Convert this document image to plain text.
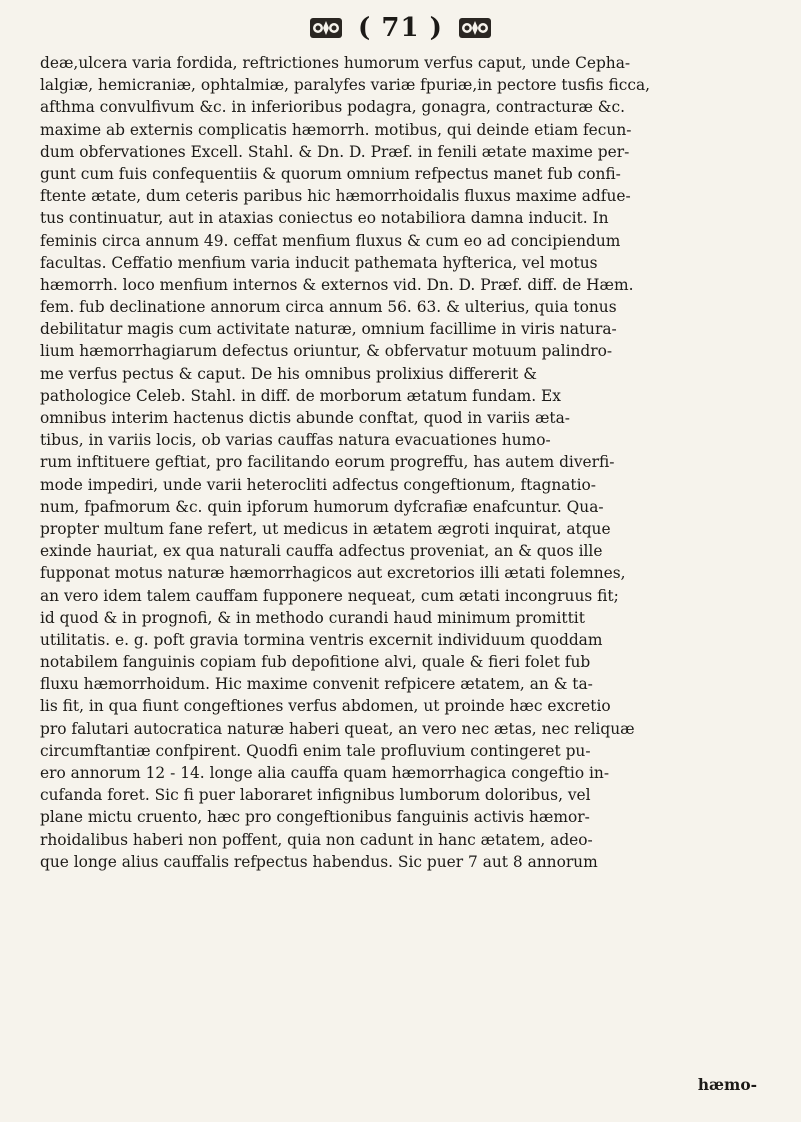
( 71 )
deæ,ulcera varia fordida, reftrictiones humorum verfus caput, unde Cepha-
lalgiæ, hemicraniæ, ophtalmiæ, paralyfes variæ fpuriæ,in pectore tusfis ficca,
afthma convulfivum &c. in inferioribus podagra, gonagra, contracturæ &c.
maxime ab externis complicatis hæmorrh. motibus, qui deinde etiam fecun-
dum obfervationes Excell. Stahl. & Dn. D. Præf. in fenili ætate maxime per-
gunt cum fuis confequentiis & quorum omnium refpectus manet fub confi-
ftente ætate, dum ceteris paribus hic hæmorrhoidalis fluxus maxime adfue-
tus continuatur, aut in ataxias coniectus eo notabiliora damna inducit. In
feminis circa annum 49. ceffat menfium fluxus & cum eo ad concipiendum
facultas. Ceffatio menfium varia inducit pathemata hyfterica, vel motus
hæmorrh. loco menfium internos & externos vid. Dn. D. Præf. diff. de Hæm.
fem. fub declinatione annorum circa annum 56. 63. & ulterius, quia tonus
debilitatur magis cum activitate naturæ, omnium facillime in viris natura-
lium hæmorrhagiarum defectus oriuntur, & obfervatur motuum palindro-
me verfus pectus & caput. De his omnibus prolixius differerit &
pathologice Celeb. Stahl. in diff. de morborum ætatum fundam. Ex
omnibus interim hactenus dictis abunde conftat, quod in variis æta-
tibus, in variis locis, ob varias cauffas natura evacuationes humo-
rum inftituere geftiat, pro facilitando eorum progreffu, has autem diverfi-
mode impediri, unde varii heterocliti adfectus congeftionum, ftagnatio-
num, fpafmorum &c. quin ipforum humorum dyfcrafiæ enafcuntur. Qua-
propter multum fane refert, ut medicus in ætatem ægroti inquirat, atque
exinde hauriat, ex qua naturali cauffa adfectus proveniat, an & quos ille
fupponat motus naturæ hæmorrhagicos aut excretorios illi ætati folemnes,
an vero idem talem cauffam fupponere nequeat, cum ætati incongruus fit;
id quod & in prognofi, & in methodo curandi haud minimum promittit
utilitatis. e. g. poft gravia tormina ventris excernit individuum quoddam
notabilem fanguinis copiam fub depofitione alvi, quale & fieri folet fub
fluxu hæmorrhoidum. Hic maxime convenit refpicere ætatem, an & ta-
lis fit, in qua fiunt congeftiones verfus abdomen, ut proinde hæc excretio
pro falutari autocratica naturæ haberi queat, an vero nec ætas, nec reliquæ
circumftantiæ confpirent. Quodfi enim tale profluvium contingeret pu-
ero annorum 12 - 14. longe alia cauffa quam hæmorrhagica congeftio in-
cufanda foret. Sic fi puer laboraret infignibus lumborum doloribus, vel
plane mictu cruento, hæc pro congeftionibus fanguinis activis hæmor-
rhoidalibus haberi non poffent, quia non cadunt in hanc ætatem, adeo-
que longe alius cauffalis refpectus habendus. Sic puer 7 aut 8 annorum
hæmo-
